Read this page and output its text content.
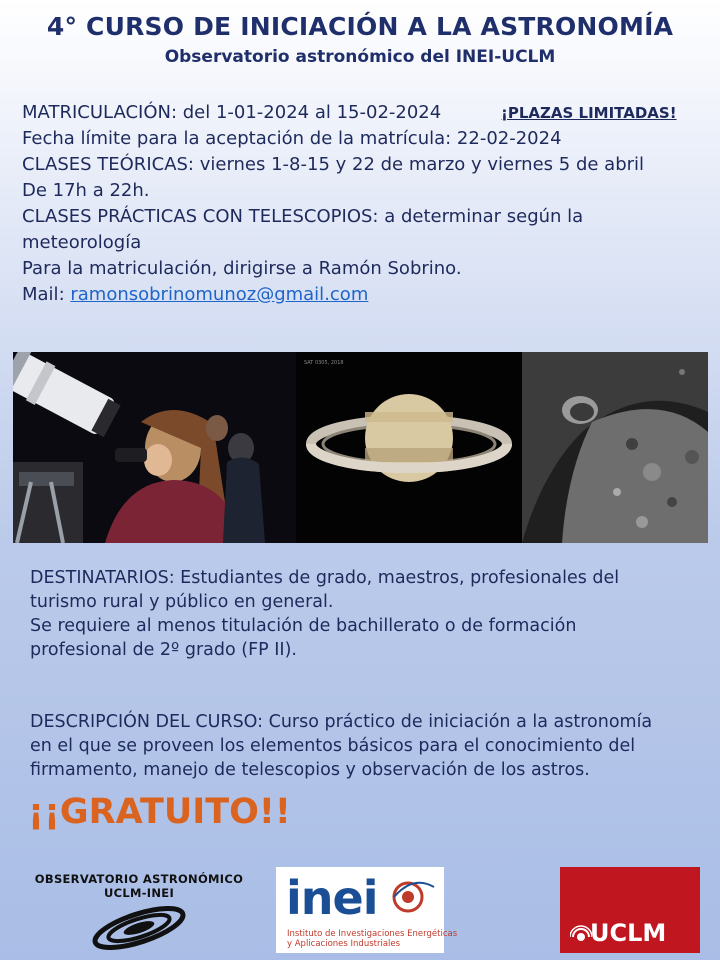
4° CURSO DE INICIACIÓN A LA ASTRONOMÍA
Observatorio astronómico del INEI-UCLM
MATRICULACIÓN: del 1-01-2024 al 15-02-2024
Fecha límite para la aceptación de la matrícula: 22-02-2024
CLASES TEÓRICAS: viernes 1-8-15 y 22 de marzo y viernes 5 de abril
De 17h a 22h.
CLASES PRÁCTICAS CON TELESCOPIOS: a determinar según la
meteorología
Para la matriculación, dirigirse a Ramón Sobrino.
Mail: ramonsobrinomunoz@gmail.com
¡PLAZAS LIMITADAS!
SAT 0305, 2018
DESTINATARIOS: Estudiantes de grado, maestros, profesionales del
turismo rural y público en general.
Se requiere al menos titulación de bachillerato o de formación
profesional de 2º grado (FP II).
DESCRIPCIÓN DEL CURSO: Curso práctico de iniciación a la astronomía
en el que se proveen los elementos básicos para el conocimiento del
firmamento, manejo de telescopios y observación de los astros.
¡¡GRATUITO!!
OBSERVATORIO ASTRONÓMICO
UCLM-INEI	inei
Instituto de Investigaciones Energéticas
y Aplicaciones Industriales	UCLM
